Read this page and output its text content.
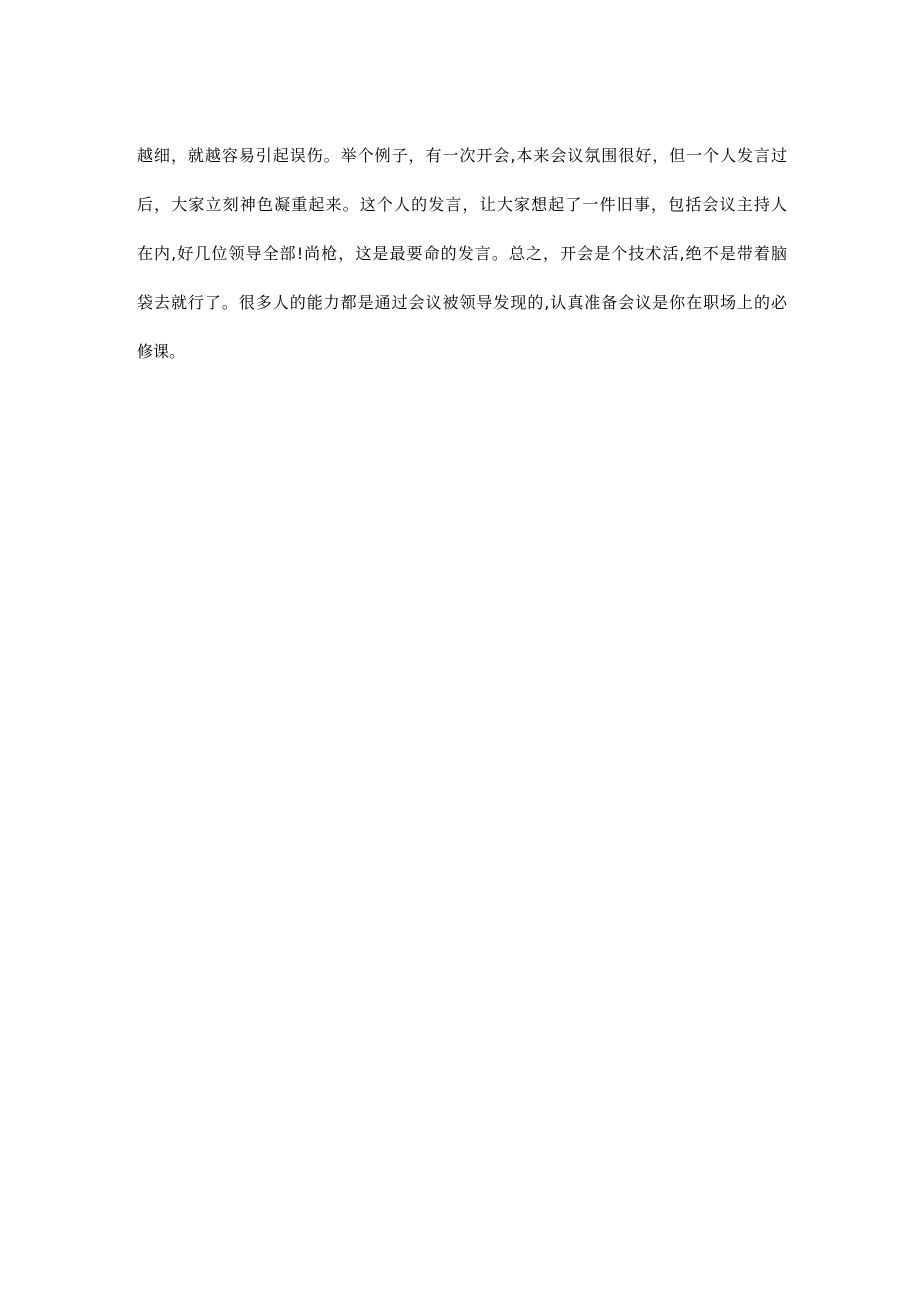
越细，就越容易引起误伤。举个例子，有一次开会,本来会议氛围很好，但一个人发言过
后，大家立刻神色凝重起来。这个人的发言，让大家想起了一件旧事，包括会议主持人
在内,好几位领导全部!尚枪，这是最要命的发言。总之，开会是个技术活,绝不是带着脑
袋去就行了。很多人的能力都是通过会议被领导发现的,认真准备会议是你在职场上的必
修课。
